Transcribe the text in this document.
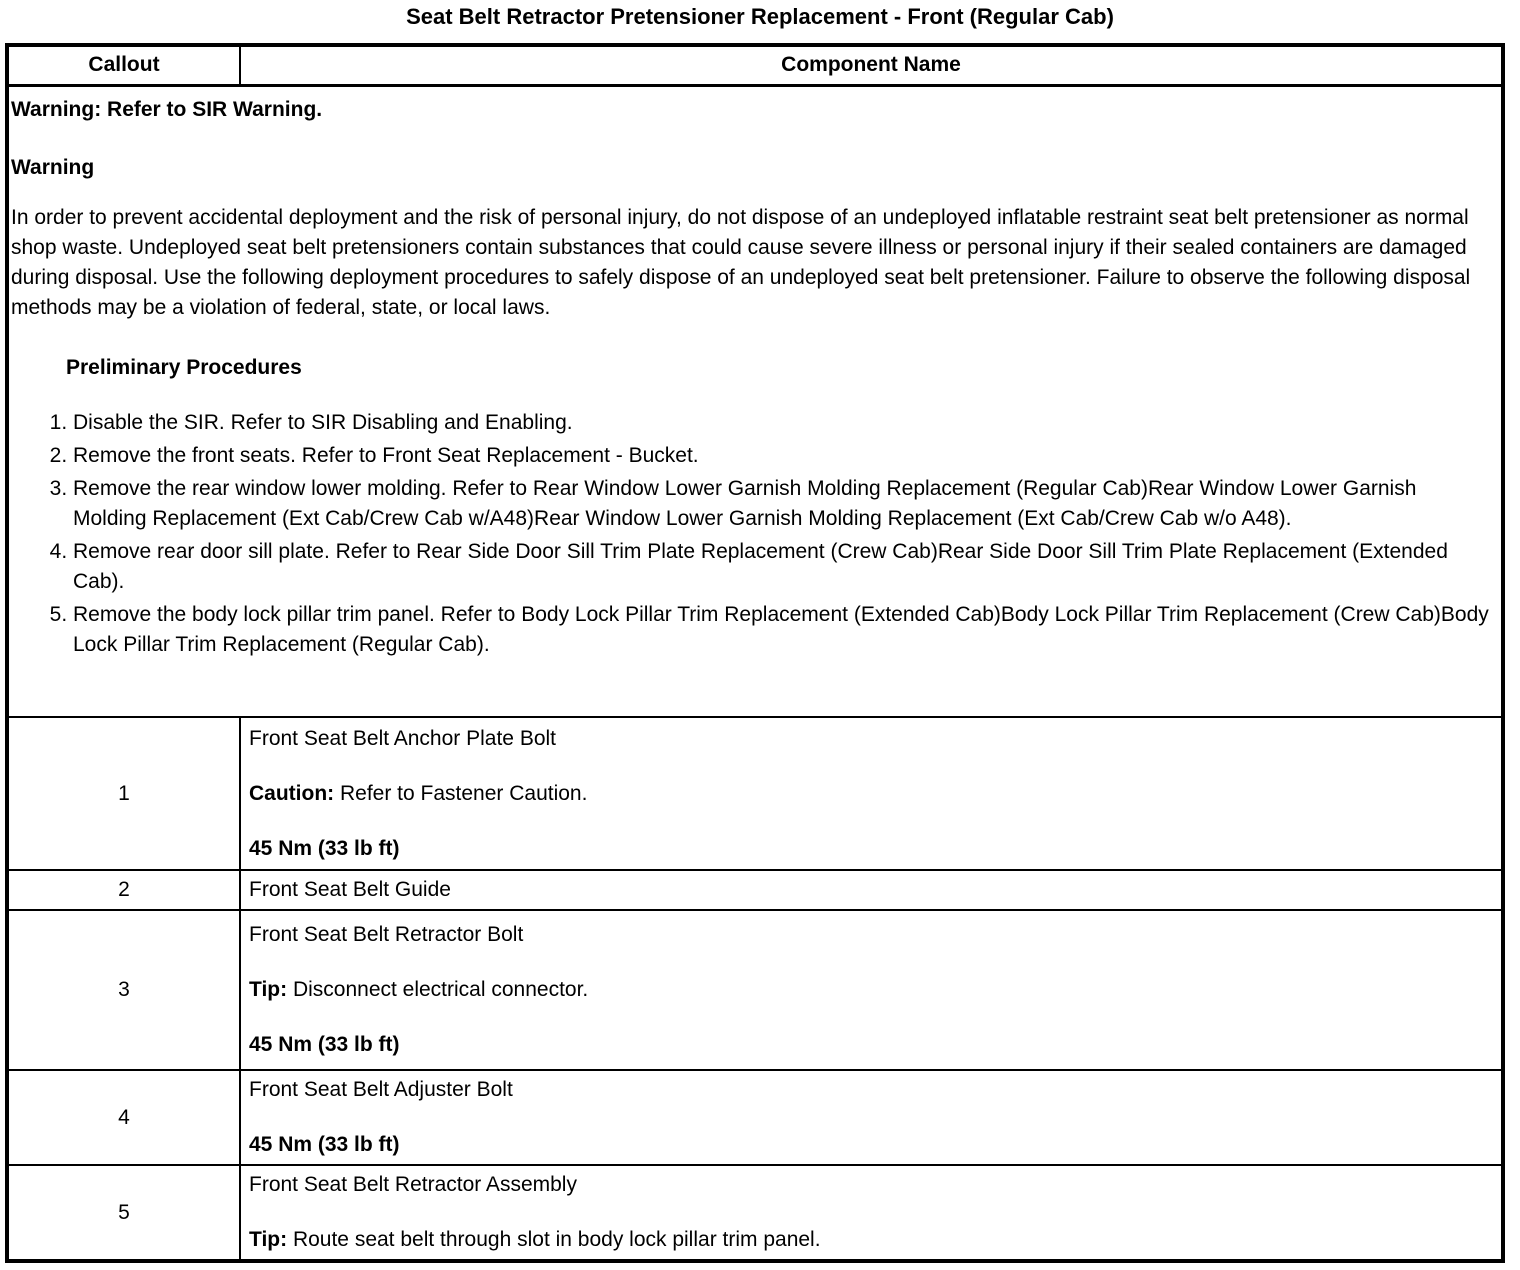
Seat Belt Retractor Pretensioner Replacement - Front (Regular Cab)
Callout	Component Name

Warning: Refer to SIR Warning.

Warning

In order to prevent accidental deployment and the risk of personal injury, do not dispose of an undeployed inflatable restraint seat belt pretensioner as normal shop waste. Undeployed seat belt pretensioners contain substances that could cause severe illness or personal injury if their sealed containers are damaged during disposal. Use the following deployment procedures to safely dispose of an undeployed seat belt pretensioner. Failure to observe the following disposal methods may be a violation of federal, state, or local laws.

Preliminary Procedures

1. Disable the SIR. Refer to SIR Disabling and Enabling.
2. Remove the front seats. Refer to Front Seat Replacement - Bucket.
3. Remove the rear window lower molding. Refer to Rear Window Lower Garnish Molding Replacement (Regular Cab)Rear Window Lower Garnish Molding Replacement (Ext Cab/Crew Cab w/A48)Rear Window Lower Garnish Molding Replacement (Ext Cab/Crew Cab w/o A48).
4. Remove rear door sill plate. Refer to Rear Side Door Sill Trim Plate Replacement (Crew Cab)Rear Side Door Sill Trim Plate Replacement (Extended Cab).
5. Remove the body lock pillar trim panel. Refer to Body Lock Pillar Trim Replacement (Extended Cab)Body Lock Pillar Trim Replacement (Crew Cab)Body Lock Pillar Trim Replacement (Regular Cab).

1	Front Seat Belt Anchor Plate Bolt

Caution: Refer to Fastener Caution.

45 Nm (33 lb ft)

2	Front Seat Belt Guide

3	Front Seat Belt Retractor Bolt

Tip: Disconnect electrical connector.

45 Nm (33 lb ft)

4	Front Seat Belt Adjuster Bolt

45 Nm (33 lb ft)

5	Front Seat Belt Retractor Assembly

Tip: Route seat belt through slot in body lock pillar trim panel.
